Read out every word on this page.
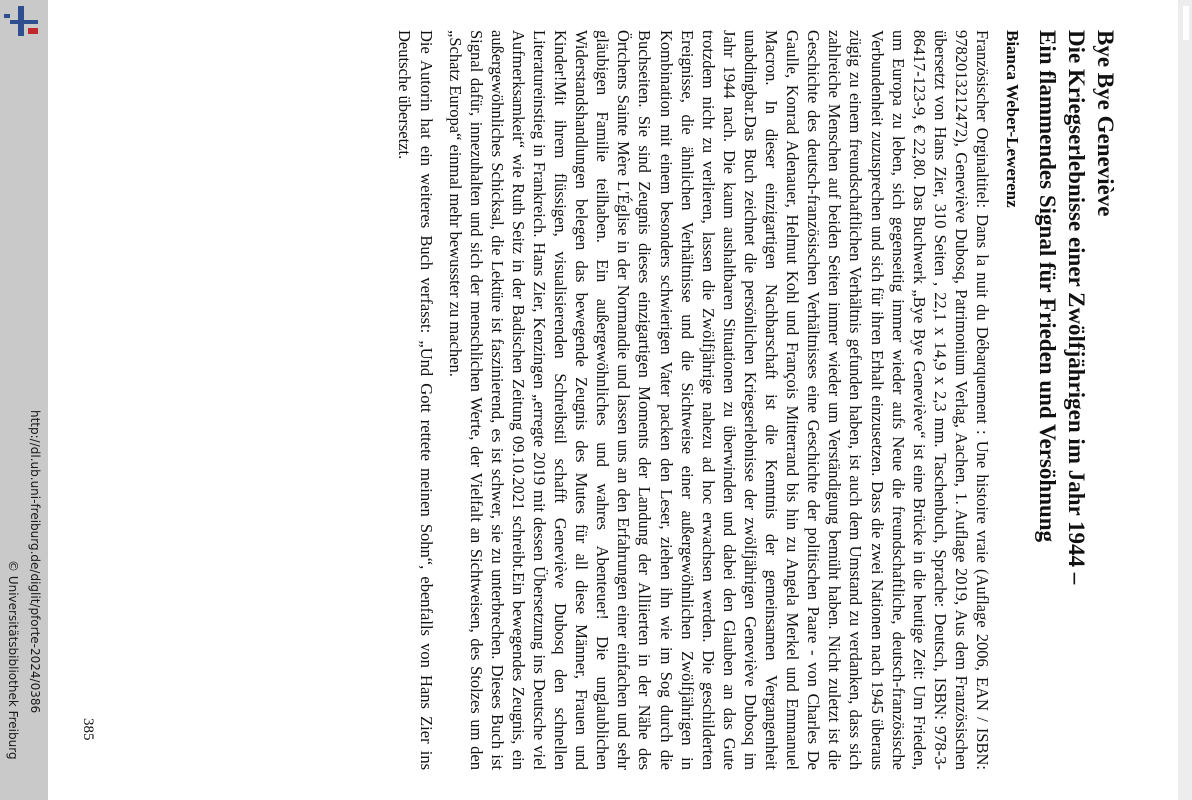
http://dl.ub.uni-freiburg.de/diglit/pforte-2024/0386
© Universitätsbibliothek Freiburg	385
Bye Bye Geneviève
Die Kriegserlebnisse einer Zwölfjährigen im Jahr 1944 –
Ein flammendes Signal für Frieden und Versöhnung
Bianca Weber-Lewerenz

Französischer Orginaltitel: Dans la nuit du Débarquement : Une histoire vraie (Auflage 2006, EAN / ISBN: 9782013212472), Geneviève Dubosq, Patrimonium Verlag, Aachen, 1. Auflage 2019, Aus dem Französischen übersetzt von Hans Zier, 310 Seiten , 22,1 x 14,9 x 2,3 mm. Taschenbuch, Sprache: Deutsch, ISBN: 978-3-86417-123-9, € 22,80. Das Buchwerk „Bye Bye Geneviève“ ist eine Brücke in die heutige Zeit: Um Frieden, um Europa zu leben, sich gegenseitig immer wieder aufs Neue die freundschaftliche, deutsch-französische Verbundenheit zuzusprechen und sich für ihren Erhalt einzusetzen. Dass die zwei Nationen nach 1945 überaus zügig zu einem freundschaftlichen Verhältnis gefunden haben, ist auch dem Umstand zu verdanken, dass sich zahlreiche Menschen auf beiden Seiten immer wieder um Verständigung bemüht haben. Nicht zuletzt ist die Geschichte des deutsch-französischen Verhältnisses eine Geschichte der politischen Paare - von Charles De Gaulle, Konrad Adenauer, Helmut Kohl und François Mitterrand bis hin zu Angela Merkel und Emmanuel Macron. In dieser einzigartigen Nachbarschaft ist die Kenntnis der gemeinsamen Vergangenheit unabdingbar.Das Buch zeichnet die persönlichen Kriegserlebnisse der zwölfjährigen Geneviève Dubosq im Jahr 1944 nach. Die kaum aushaltbaren Situationen zu überwinden und dabei den Glauben an das Gute trotzdem nicht zu verlieren, lassen die Zwölfjährige nahezu ad hoc erwachsen werden. Die geschilderten Ereignisse, die ähnlichen Verhältnisse und die Sichtweise einer außergewöhnlichen Zwölfjährigen in Kombination mit einem besonders schwierigen Vater packen den Leser, ziehen ihn wie im Sog durch die Buchseiten. Sie sind Zeugnis dieses einzigartigen Moments der Landung der Alliierten in der Nähe des Örtchens Sainte Mère L'Église in der Normandie und lassen uns an den Erfahrungen einer einfachen und sehr gläubigen Familie teilhaben. Ein außergewöhnliches und wahres Abenteuer! Die unglaublichen Widerstandshandlungen belegen das bewegende Zeugnis des Mutes für all diese Männer, Frauen und Kinder!Mit ihrem flüssigen, visualisierenden Schreibstil schafft Geneviève Dubosq den schnellen Literatureinstieg in Frankreich. Hans Zier, Kenzingen „erregte 2019 mit dessen Übersetzung ins Deutsche viel Aufmerksamkeit“ wie Ruth Seitz in der Badischen Zeitung 09.10.2021 schreibt.Ein bewegendes Zeugnis, ein außergewöhnliches Schicksal, die Lektüre ist faszinierend, es ist schwer, sie zu unterbrechen. Dieses Buch ist Signal dafür, innezuhalten und sich der menschlichen Werte, der Vielfalt an Sichtweisen, des Stolzes um den „Schatz Europa“ einmal mehr bewusster zu machen.

Die Autorin hat ein weiteres Buch verfasst: „Und Gott rettete meinen Sohn“, ebenfalls von Hans Zier ins Deutsche übersetzt.
